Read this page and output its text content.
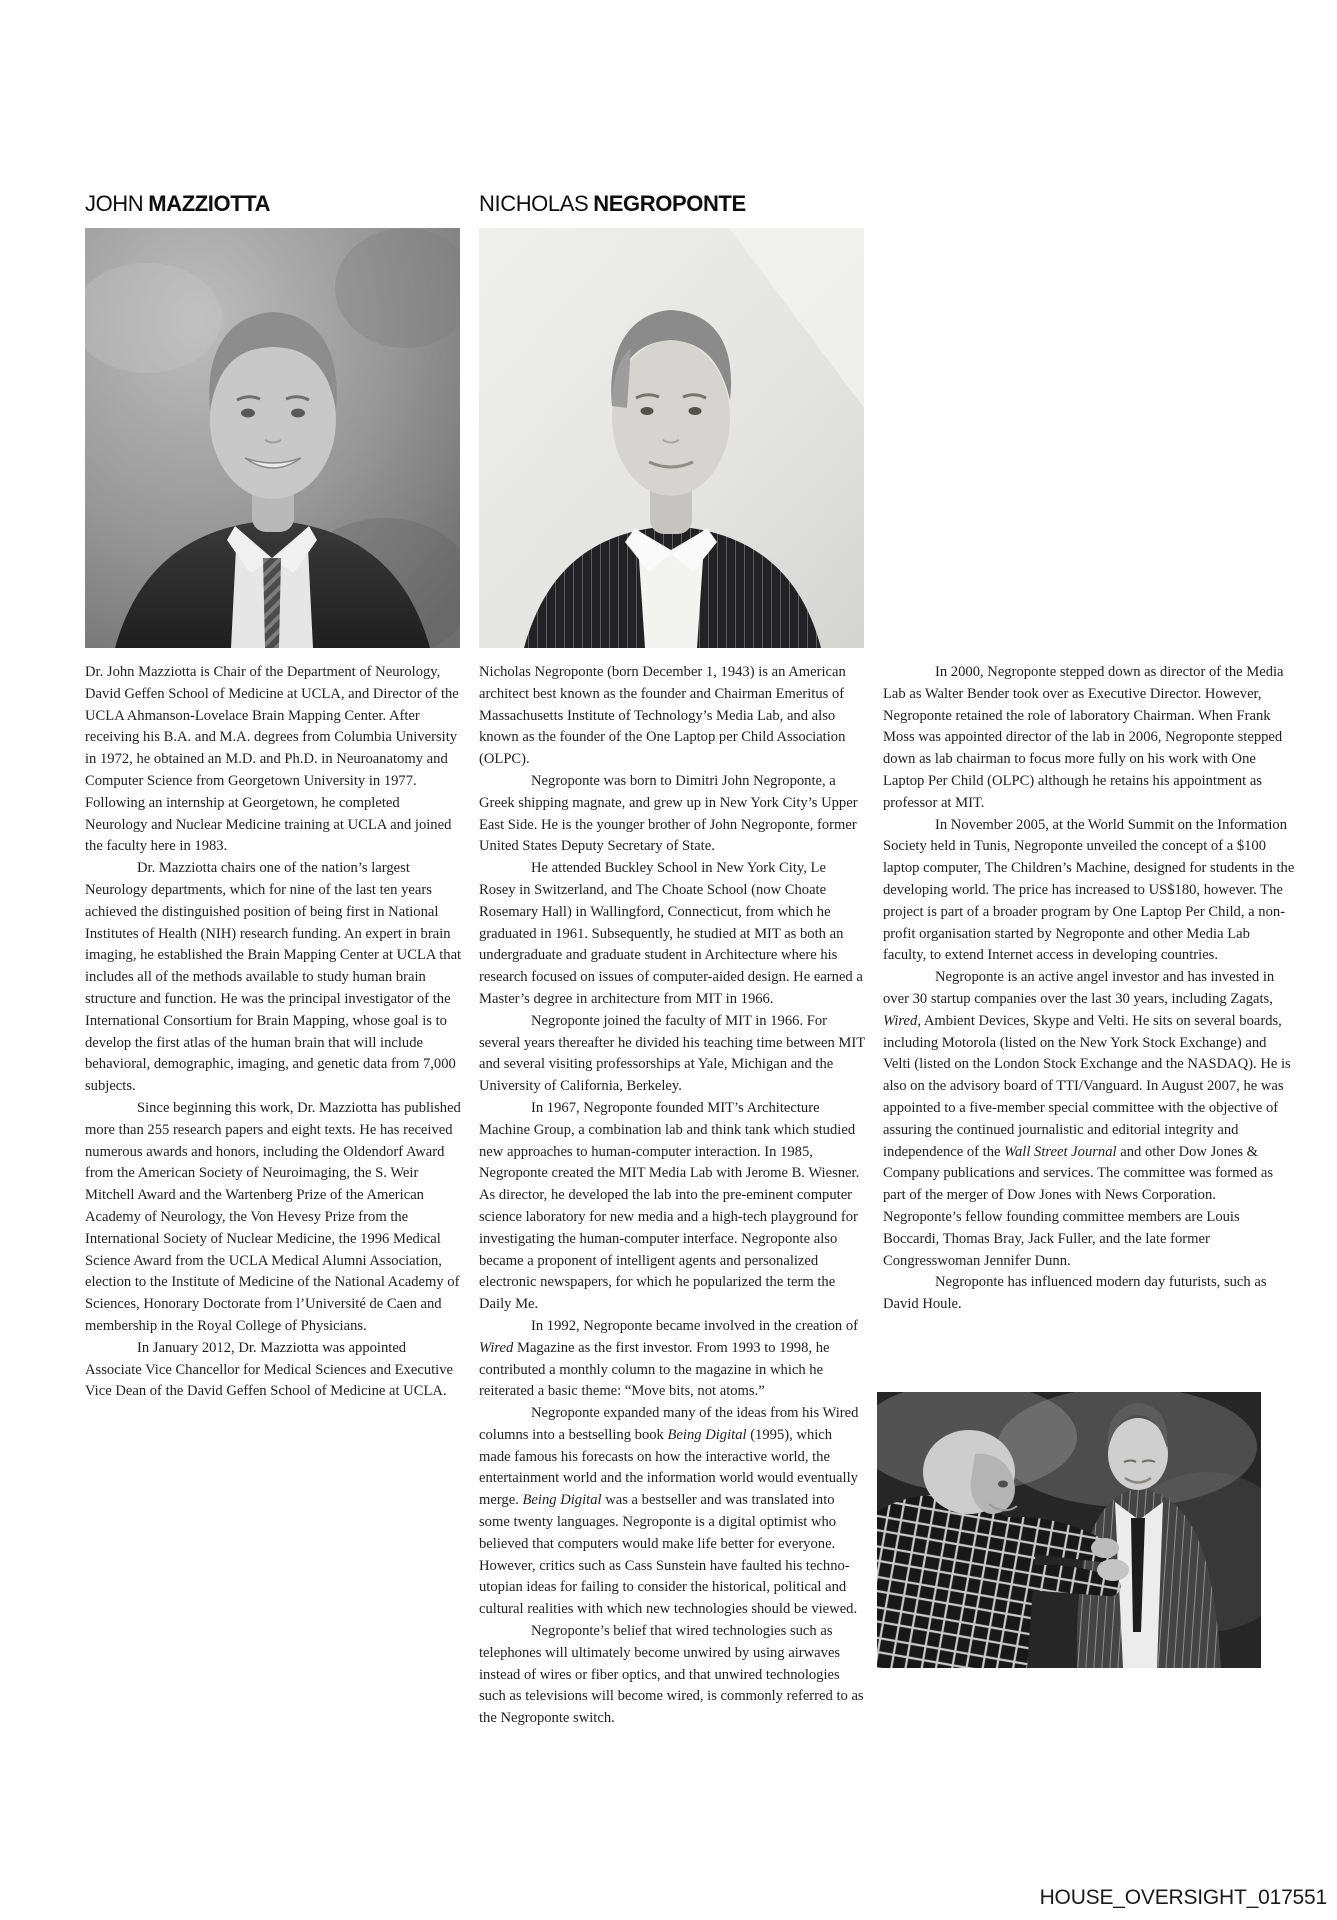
JOHN MAZZIOTTA	NICHOLAS NEGROPONTE

Dr. John Mazziotta is Chair of the Department of Neurology, David Geffen School of Medicine at UCLA, and Director of the UCLA Ahmanson-Lovelace Brain Mapping Center. After receiving his B.A. and M.A. degrees from Columbia University in 1972, he obtained an M.D. and Ph.D. in Neuroanatomy and Computer Science from Georgetown University in 1977. Following an internship at Georgetown, he completed Neurology and Nuclear Medicine training at UCLA and joined the faculty here in 1983.

Dr. Mazziotta chairs one of the nation’s largest Neurology departments, which for nine of the last ten years achieved the distinguished position of being first in National Institutes of Health (NIH) research funding. An expert in brain imaging, he established the Brain Mapping Center at UCLA that includes all of the methods available to study human brain structure and function. He was the principal investigator of the International Consortium for Brain Mapping, whose goal is to develop the first atlas of the human brain that will include behavioral, demographic, imaging, and genetic data from 7,000 subjects.

Since beginning this work, Dr. Mazziotta has published more than 255 research papers and eight texts. He has received numerous awards and honors, including the Oldendorf Award from the American Society of Neuroimaging, the S. Weir Mitchell Award and the Wartenberg Prize of the American Academy of Neurology, the Von Hevesy Prize from the International Society of Nuclear Medicine, the 1996 Medical Science Award from the UCLA Medical Alumni Association, election to the Institute of Medicine of the National Academy of Sciences, Honorary Doctorate from l’Université de Caen and membership in the Royal College of Physicians.

In January 2012, Dr. Mazziotta was appointed Associate Vice Chancellor for Medical Sciences and Executive Vice Dean of the David Geffen School of Medicine at UCLA.

Nicholas Negroponte (born December 1, 1943) is an American architect best known as the founder and Chairman Emeritus of Massachusetts Institute of Technology’s Media Lab, and also known as the founder of the One Laptop per Child Association (OLPC).

Negroponte was born to Dimitri John Negroponte, a Greek shipping magnate, and grew up in New York City’s Upper East Side. He is the younger brother of John Negroponte, former United States Deputy Secretary of State.

He attended Buckley School in New York City, Le Rosey in Switzerland, and The Choate School (now Choate Rosemary Hall) in Wallingford, Connecticut, from which he graduated in 1961. Subsequently, he studied at MIT as both an undergraduate and graduate student in Architecture where his research focused on issues of computer-aided design. He earned a Master’s degree in architecture from MIT in 1966.

Negroponte joined the faculty of MIT in 1966. For several years thereafter he divided his teaching time between MIT and several visiting professorships at Yale, Michigan and the University of California, Berkeley.

In 1967, Negroponte founded MIT’s Architecture Machine Group, a combination lab and think tank which studied new approaches to human-computer interaction. In 1985, Negroponte created the MIT Media Lab with Jerome B. Wiesner. As director, he developed the lab into the pre-eminent computer science laboratory for new media and a high-tech playground for investigating the human-computer interface. Negroponte also became a proponent of intelligent agents and personalized electronic newspapers, for which he popularized the term the Daily Me.

In 1992, Negroponte became involved in the creation of Wired Magazine as the first investor. From 1993 to 1998, he contributed a monthly column to the magazine in which he reiterated a basic theme: “Move bits, not atoms.”

Negroponte expanded many of the ideas from his Wired columns into a bestselling book Being Digital (1995), which made famous his forecasts on how the interactive world, the entertainment world and the information world would eventually merge. Being Digital was a bestseller and was translated into some twenty languages. Negroponte is a digital optimist who believed that computers would make life better for everyone. However, critics such as Cass Sunstein have faulted his techno-utopian ideas for failing to consider the historical, political and cultural realities with which new technologies should be viewed.

Negroponte’s belief that wired technologies such as telephones will ultimately become unwired by using airwaves instead of wires or fiber optics, and that unwired technologies such as televisions will become wired, is commonly referred to as the Negroponte switch.

In 2000, Negroponte stepped down as director of the Media Lab as Walter Bender took over as Executive Director. However, Negroponte retained the role of laboratory Chairman. When Frank Moss was appointed director of the lab in 2006, Negroponte stepped down as lab chairman to focus more fully on his work with One Laptop Per Child (OLPC) although he retains his appointment as professor at MIT.

In November 2005, at the World Summit on the Information Society held in Tunis, Negroponte unveiled the concept of a $100 laptop computer, The Children’s Machine, designed for students in the developing world. The price has increased to US$180, however. The project is part of a broader program by One Laptop Per Child, a non-profit organisation started by Negroponte and other Media Lab faculty, to extend Internet access in developing countries.

Negroponte is an active angel investor and has invested in over 30 startup companies over the last 30 years, including Zagats, Wired, Ambient Devices, Skype and Velti. He sits on several boards, including Motorola (listed on the New York Stock Exchange) and Velti (listed on the London Stock Exchange and the NASDAQ). He is also on the advisory board of TTI/Vanguard. In August 2007, he was appointed to a five-member special committee with the objective of assuring the continued journalistic and editorial integrity and independence of the Wall Street Journal and other Dow Jones & Company publications and services. The committee was formed as part of the merger of Dow Jones with News Corporation. Negroponte’s fellow founding committee members are Louis Boccardi, Thomas Bray, Jack Fuller, and the late former Congresswoman Jennifer Dunn.

Negroponte has influenced modern day futurists, such as David Houle.

HOUSE_OVERSIGHT_017551
